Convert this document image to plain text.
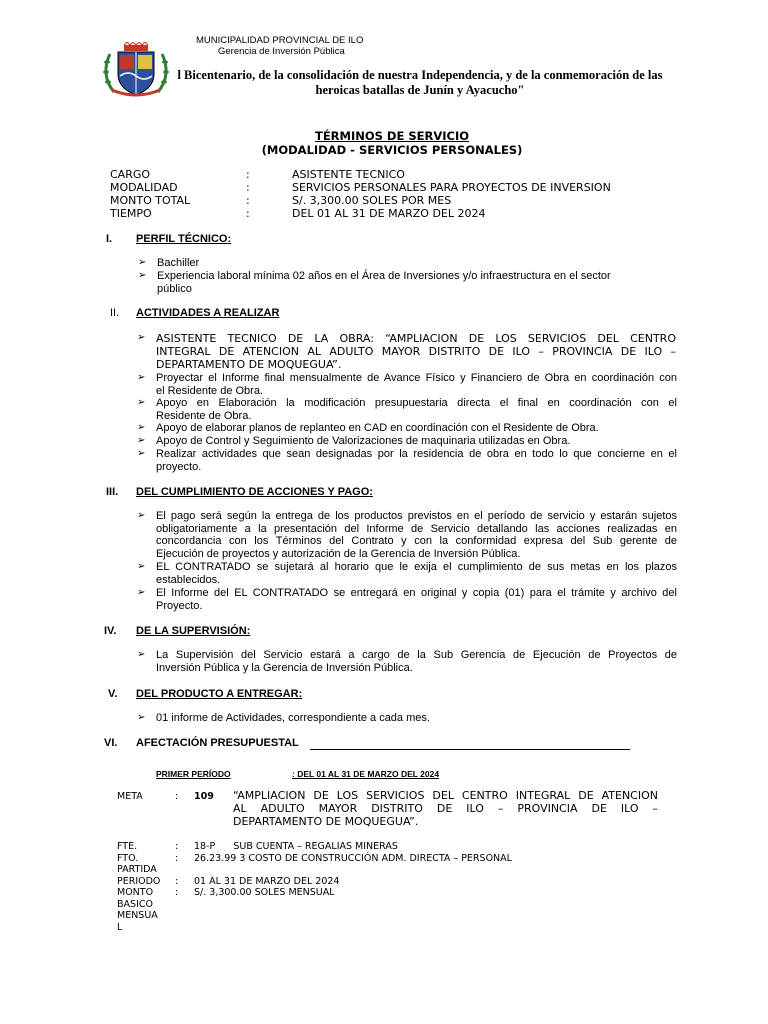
MUNICIPALIDAD PROVINCIAL DE ILO
Gerencia de Inversión Pública
l Bicentenario, de la consolidación de nuestra Independencia, y de la conmemoración de las
heroicas batallas de Junín y Ayacucho"
TÉRMINOS DE SERVICIO
(MODALIDAD - SERVICIOS PERSONALES)
CARGO	:	ASISTENTE TECNICO
MODALIDAD	:	SERVICIOS PERSONALES PARA PROYECTOS DE INVERSION
MONTO TOTAL	:	S/. 3,300.00 SOLES POR MES
TIEMPO	:	DEL 01 AL 31 DE MARZO DEL 2024
I. PERFIL TÉCNICO:
➢ Bachiller
➢ Experiencia laboral mínima 02 años en el Área de Inversiones y/o infraestructura en el sector
público
II. ACTIVIDADES A REALIZAR
➢ ASISTENTE TECNICO DE LA OBRA: “AMPLIACION DE LOS SERVICIOS DEL CENTRO
INTEGRAL DE ATENCION AL ADULTO MAYOR DISTRITO DE ILO – PROVINCIA DE ILO –
DEPARTAMENTO DE MOQUEGUA”.
➢ Proyectar el Informe final mensualmente de Avance Físico y Financiero de Obra en coordinación con
el Residente de Obra.
➢ Apoyo en Elaboración la modificación presupuestaria directa el final en coordinación con el
Residente de Obra.
➢ Apoyo de elaborar planos de replanteo en CAD en coordinación con el Residente de Obra.
➢ Apoyo de Control y Seguimiento de Valorizaciones de maquinaria utilizadas en Obra.
➢ Realizar actividades que sean designadas por la residencia de obra en todo lo que concierne en el
proyecto.
III. DEL CUMPLIMIENTO DE ACCIONES Y PAGO:
➢ El pago será según la entrega de los productos previstos en el período de servicio y estarán sujetos
obligatoriamente a la presentación del Informe de Servicio detallando las acciones realizadas en
concordancia con los Términos del Contrato y con la conformidad expresa del Sub gerente de
Ejecución de proyectos y autorización de la Gerencia de Inversión Pública.
➢ EL CONTRATADO se sujetará al horario que le exija el cumplimiento de sus metas en los plazos
establecidos.
➢ El Informe del EL CONTRATADO se entregará en original y copia (01) para el trámite y archivo del
Proyecto.
IV. DE LA SUPERVISIÓN:
➢ La Supervisión del Servicio estará a cargo de la Sub Gerencia de Ejecución de Proyectos de
Inversión Pública y la Gerencia de Inversión Pública.
V. DEL PRODUCTO A ENTREGAR:
➢ 01 informe de Actividades, correspondiente a cada mes.
VI. AFECTACIÓN PRESUPUESTAL
PRIMER PERÍODO	: DEL 01 AL 31 DE MARZO DEL 2024
META	: 109 “AMPLIACION DE LOS SERVICIOS DEL CENTRO INTEGRAL DE ATENCION
AL ADULTO MAYOR DISTRITO DE ILO – PROVINCIA DE ILO –
DEPARTAMENTO DE MOQUEGUA”.
FTE.	: 18-P      SUB CUENTA – REGALIAS MINERAS
FTO.	: 26.23.99 3 COSTO DE CONSTRUCCIÓN ADM. DIRECTA – PERSONAL
PARTIDA
PERIODO : 01 AL 31 DE MARZO DEL 2024
MONTO : S/. 3,300.00 SOLES MENSUAL
BASICO
MENSUA
L
